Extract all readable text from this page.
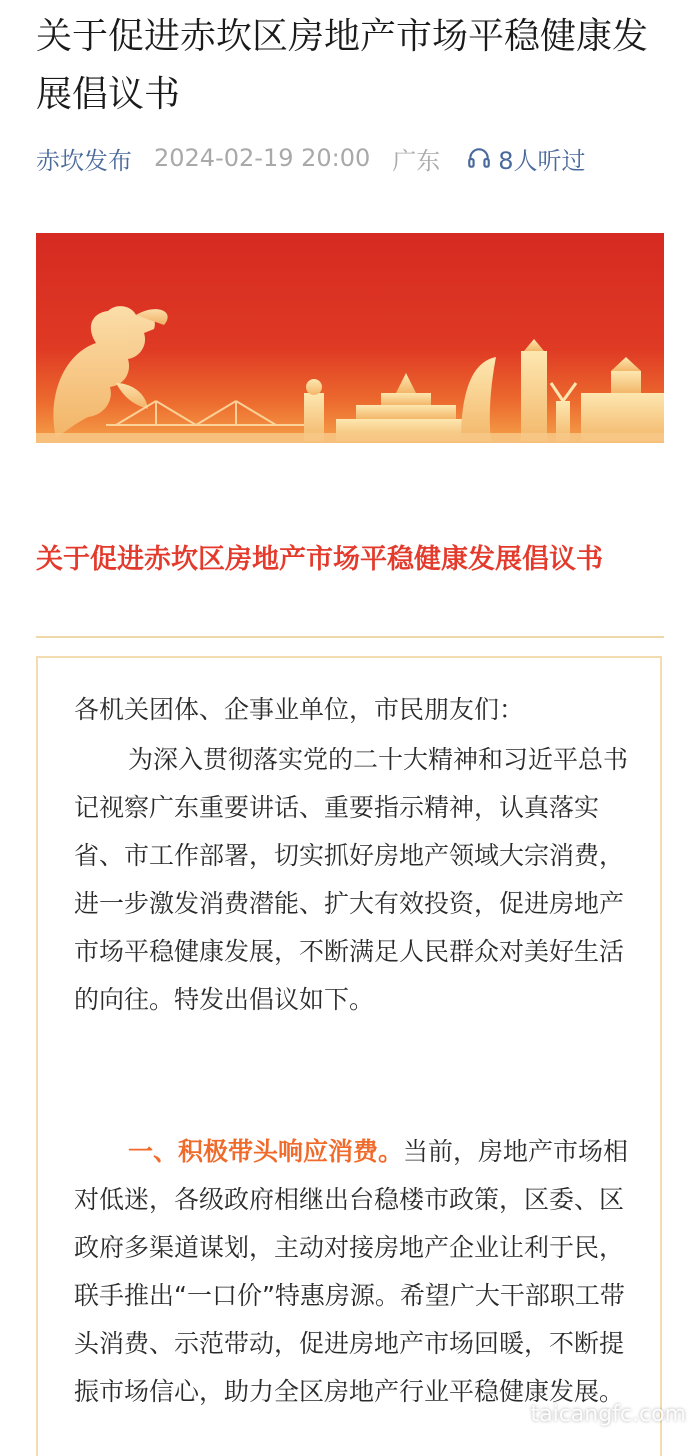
关于促进赤坎区房地产市场平稳健康发展倡议书
赤坎发布 2024-02-19 20:00 广东 8人听过
关于促进赤坎区房地产市场平稳健康发展倡议书

各机关团体、企事业单位，市民朋友们：

为深入贯彻落实党的二十大精神和习近平总书记视察广东重要讲话、重要指示精神，认真落实省、市工作部署，切实抓好房地产领域大宗消费，进一步激发消费潜能、扩大有效投资，促进房地产市场平稳健康发展，不断满足人民群众对美好生活的向往。特发出倡议如下。

一、积极带头响应消费。当前，房地产市场相对低迷，各级政府相继出台稳楼市政策，区委、区政府多渠道谋划，主动对接房地产企业让利于民，联手推出“一口价”特惠房源。希望广大干部职工带头消费、示范带动，促进房地产市场回暖，不断提振市场信心，助力全区房地产行业平稳健康发展。

taicangfc.com
